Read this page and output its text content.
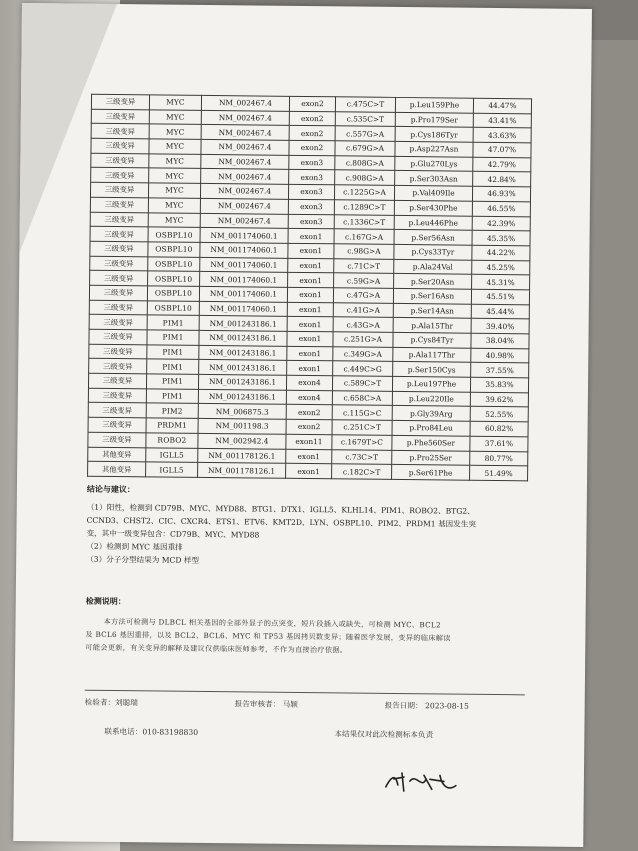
三级变异	MYC	NM_002467.4	exon2	c.475C>T	p.Leu159Phe	44.47%
三级变异	MYC	NM_002467.4	exon2	c.535C>T	p.Pro179Ser	43.41%
三级变异	MYC	NM_002467.4	exon2	c.557G>A	p.Cys186Tyr	43.63%
三级变异	MYC	NM_002467.4	exon2	c.679G>A	p.Asp227Asn	47.07%
三级变异	MYC	NM_002467.4	exon3	c.808G>A	p.Glu270Lys	42.79%
三级变异	MYC	NM_002467.4	exon3	c.908G>A	p.Ser303Asn	42.84%
三级变异	MYC	NM_002467.4	exon3	c.1225G>A	p.Val409Ile	46.93%
三级变异	MYC	NM_002467.4	exon3	c.1289C>T	p.Ser430Phe	46.55%
三级变异	MYC	NM_002467.4	exon3	c.1336C>T	p.Leu446Phe	42.39%
三级变异	OSBPL10	NM_001174060.1	exon1	c.167G>A	p.Ser56Asn	45.35%
三级变异	OSBPL10	NM_001174060.1	exon1	c.98G>A	p.Cys33Tyr	44.22%
三级变异	OSBPL10	NM_001174060.1	exon1	c.71C>T	p.Ala24Val	45.25%
三级变异	OSBPL10	NM_001174060.1	exon1	c.59G>A	p.Ser20Asn	45.31%
三级变异	OSBPL10	NM_001174060.1	exon1	c.47G>A	p.Ser16Asn	45.51%
三级变异	OSBPL10	NM_001174060.1	exon1	c.41G>A	p.Ser14Asn	45.44%
三级变异	PIM1	NM_001243186.1	exon1	c.43G>A	p.Ala15Thr	39.40%
三级变异	PIM1	NM_001243186.1	exon1	c.251G>A	p.Cys84Tyr	38.04%
三级变异	PIM1	NM_001243186.1	exon1	c.349G>A	p.Ala117Thr	40.98%
三级变异	PIM1	NM_001243186.1	exon1	c.449C>G	p.Ser150Cys	37.55%
三级变异	PIM1	NM_001243186.1	exon4	c.589C>T	p.Leu197Phe	35.83%
三级变异	PIM1	NM_001243186.1	exon4	c.658C>A	p.Leu220Ile	39.62%
三级变异	PIM2	NM_006875.3	exon2	c.115G>C	p.Gly39Arg	52.55%
三级变异	PRDM1	NM_001198.3	exon2	c.251C>T	p.Pro84Leu	60.82%
三级变异	ROBO2	NM_002942.4	exon11	c.1679T>C	p.Phe560Ser	37.61%
其他变异	IGLL5	NM_001178126.1	exon1	c.73C>T	p.Pro25Ser	80.77%
其他变异	IGLL5	NM_001178126.1	exon1	c.182C>T	p.Ser61Phe	51.49%
结论与建议：
（1）阳性，检测到 CD79B、MYC、MYD88、BTG1、DTX1、IGLL5、KLHL14、PIM1、ROBO2、BTG2、
CCND3、CHST2、CIC、CXCR4、ETS1、ETV6、KMT2D、LYN、OSBPL10、PIM2、PRDM1 基因发生突
变，其中一级变异包含：CD79B、MYC、MYD88
（2）检测到 MYC 基因重排
（3）分子分型结果为 MCD 样型
检测说明：
本方法可检测与 DLBCL 相关基因的全部外显子的点突变，短片段插入或缺失，可检测 MYC、BCL2
及 BCL6 基因重排，以及 BCL2、BCL6、MYC 和 TP53 基因拷贝数变异；随着医学发展，变异的临床解读
可能会更新，有关变异的解释及建议仅供临床医师参考，不作为直接治疗依据。
检验者：刘聪瑞	报告审核者： 马颖	报告日期： 2023-08-15
联系电话：010-83198830	本结果仅对此次检测标本负责
